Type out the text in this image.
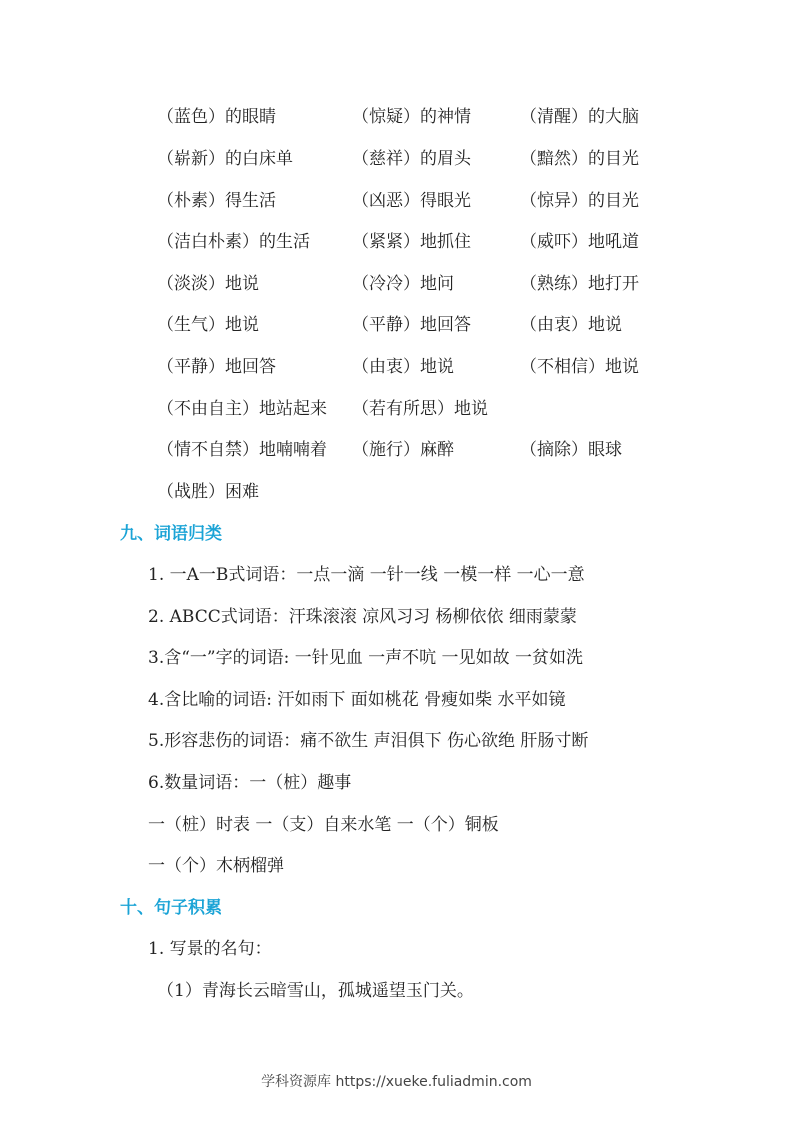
（蓝色）的眼睛	（惊疑）的神情	（清醒）的大脑
（崭新）的白床单	（慈祥）的眉头	（黯然）的目光
（朴素）得生活	（凶恶）得眼光	（惊异）的目光
（洁白朴素）的生活 （紧紧）地抓住	（威吓）地吼道
（淡淡）地说	（冷冷）地问	（熟练）地打开
（生气）地说	（平静）地回答	（由衷）地说
（平静）地回答	（由衷）地说	（不相信）地说
（不由自主）地站起来 （若有所思）地说
（情不自禁）地喃喃着 （施行）麻醉	（摘除）眼球
（战胜）困难
九、词语归类
1. 一A一B式词语：一点一滴 一针一线 一模一样 一心一意
2. ABCC式词语：汗珠滚滚 凉风习习 杨柳依依 细雨蒙蒙
3.含“一”字的词语: 一针见血 一声不吭 一见如故 一贫如洗
4.含比喻的词语: 汗如雨下 面如桃花 骨瘦如柴 水平如镜
5.形容悲伤的词语：痛不欲生 声泪俱下 伤心欲绝 肝肠寸断
6.数量词语：一（桩）趣事
一（桩）时表 一（支）自来水笔 一（个）铜板
一（个）木柄榴弹
十、句子积累
1. 写景的名句：
（1）青海长云暗雪山，孤城遥望玉门关。
学科资源库 https://xueke.fuliadmin.com
